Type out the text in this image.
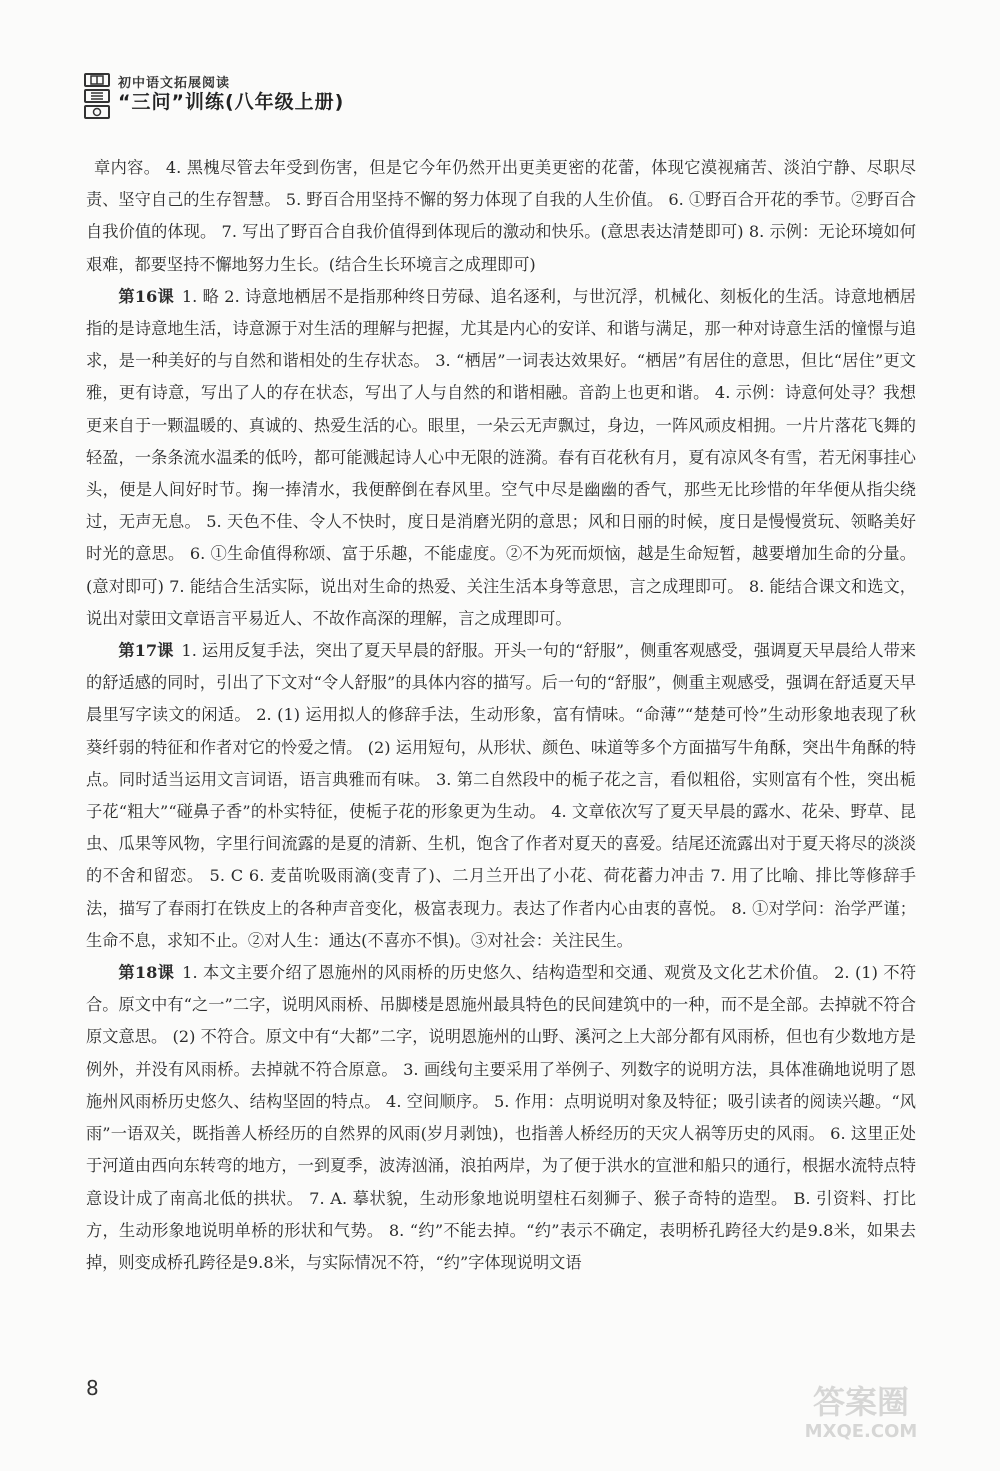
初中语文拓展阅读
“三问”训练(八年级上册)

章内容。 4. 黑槐尽管去年受到伤害，但是它今年仍然开出更美更密的花蕾，体现它漠视痛苦、淡泊宁静、尽职尽责、坚守自己的生存智慧。 5. 野百合用坚持不懈的努力体现了自我的人生价值。 6. ①野百合开花的季节。②野百合自我价值的体现。 7. 写出了野百合自我价值得到体现后的激动和快乐。(意思表达清楚即可) 8. 示例：无论环境如何艰难，都要坚持不懈地努力生长。(结合生长环境言之成理即可)

第16课 1. 略 2. 诗意地栖居不是指那种终日劳碌、追名逐利，与世沉浮，机械化、刻板化的生活。诗意地栖居指的是诗意地生活，诗意源于对生活的理解与把握，尤其是内心的安详、和谐与满足，那一种对诗意生活的憧憬与追求，是一种美好的与自然和谐相处的生存状态。 3. “栖居”一词表达效果好。“栖居”有居住的意思，但比“居住”更文雅，更有诗意，写出了人的存在状态，写出了人与自然的和谐相融。音韵上也更和谐。 4. 示例：诗意何处寻？我想更来自于一颗温暖的、真诚的、热爱生活的心。眼里，一朵云无声飘过，身边，一阵风顽皮相拥。一片片落花飞舞的轻盈，一条条流水温柔的低吟，都可能溅起诗人心中无限的涟漪。春有百花秋有月，夏有凉风冬有雪，若无闲事挂心头，便是人间好时节。掬一捧清水，我便醉倒在春风里。空气中尽是幽幽的香气，那些无比珍惜的年华便从指尖绕过，无声无息。 5. 天色不佳、令人不快时，度日是消磨光阴的意思；风和日丽的时候，度日是慢慢赏玩、领略美好时光的意思。 6. ①生命值得称颂、富于乐趣，不能虚度。②不为死而烦恼，越是生命短暂，越要增加生命的分量。(意对即可) 7. 能结合生活实际，说出对生命的热爱、关注生活本身等意思，言之成理即可。 8. 能结合课文和选文，说出对蒙田文章语言平易近人、不故作高深的理解，言之成理即可。

第17课 1. 运用反复手法，突出了夏天早晨的舒服。开头一句的“舒服”，侧重客观感受，强调夏天早晨给人带来的舒适感的同时，引出了下文对“令人舒服”的具体内容的描写。后一句的“舒服”，侧重主观感受，强调在舒适夏天早晨里写字读文的闲适。 2. (1) 运用拟人的修辞手法，生动形象，富有情味。“命薄”“楚楚可怜”生动形象地表现了秋葵纤弱的特征和作者对它的怜爱之情。 (2) 运用短句，从形状、颜色、味道等多个方面描写牛角酥，突出牛角酥的特点。同时适当运用文言词语，语言典雅而有味。 3. 第二自然段中的栀子花之言，看似粗俗，实则富有个性，突出栀子花“粗大”“碰鼻子香”的朴实特征，使栀子花的形象更为生动。 4. 文章依次写了夏天早晨的露水、花朵、野草、昆虫、瓜果等风物，字里行间流露的是夏的清新、生机，饱含了作者对夏天的喜爱。结尾还流露出对于夏天将尽的淡淡的不舍和留恋。 5. C 6. 麦苗吮吸雨滴(变青了)、二月兰开出了小花、荷花蓄力冲击 7. 用了比喻、排比等修辞手法，描写了春雨打在铁皮上的各种声音变化，极富表现力。表达了作者内心由衷的喜悦。 8. ①对学问：治学严谨；生命不息，求知不止。②对人生：通达(不喜亦不惧)。③对社会：关注民生。

第18课 1. 本文主要介绍了恩施州的风雨桥的历史悠久、结构造型和交通、观赏及文化艺术价值。 2. (1) 不符合。原文中有“之一”二字，说明风雨桥、吊脚楼是恩施州最具特色的民间建筑中的一种，而不是全部。去掉就不符合原文意思。 (2) 不符合。原文中有“大都”二字，说明恩施州的山野、溪河之上大部分都有风雨桥，但也有少数地方是例外，并没有风雨桥。去掉就不符合原意。 3. 画线句主要采用了举例子、列数字的说明方法，具体准确地说明了恩施州风雨桥历史悠久、结构坚固的特点。 4. 空间顺序。 5. 作用：点明说明对象及特征；吸引读者的阅读兴趣。“风雨”一语双关，既指善人桥经历的自然界的风雨(岁月剥蚀)，也指善人桥经历的天灾人祸等历史的风雨。 6. 这里正处于河道由西向东转弯的地方，一到夏季，波涛汹涌，浪拍两岸，为了便于洪水的宣泄和船只的通行，根据水流特点特意设计成了南高北低的拱状。 7. A. 摹状貌，生动形象地说明望柱石刻狮子、猴子奇特的造型。 B. 引资料、打比方，生动形象地说明单桥的形状和气势。 8. “约”不能去掉。“约”表示不确定，表明桥孔跨径大约是9.8米，如果去掉，则变成桥孔跨径是9.8米，与实际情况不符，“约”字体现说明文语

8	答案圈
MXQE.COM
